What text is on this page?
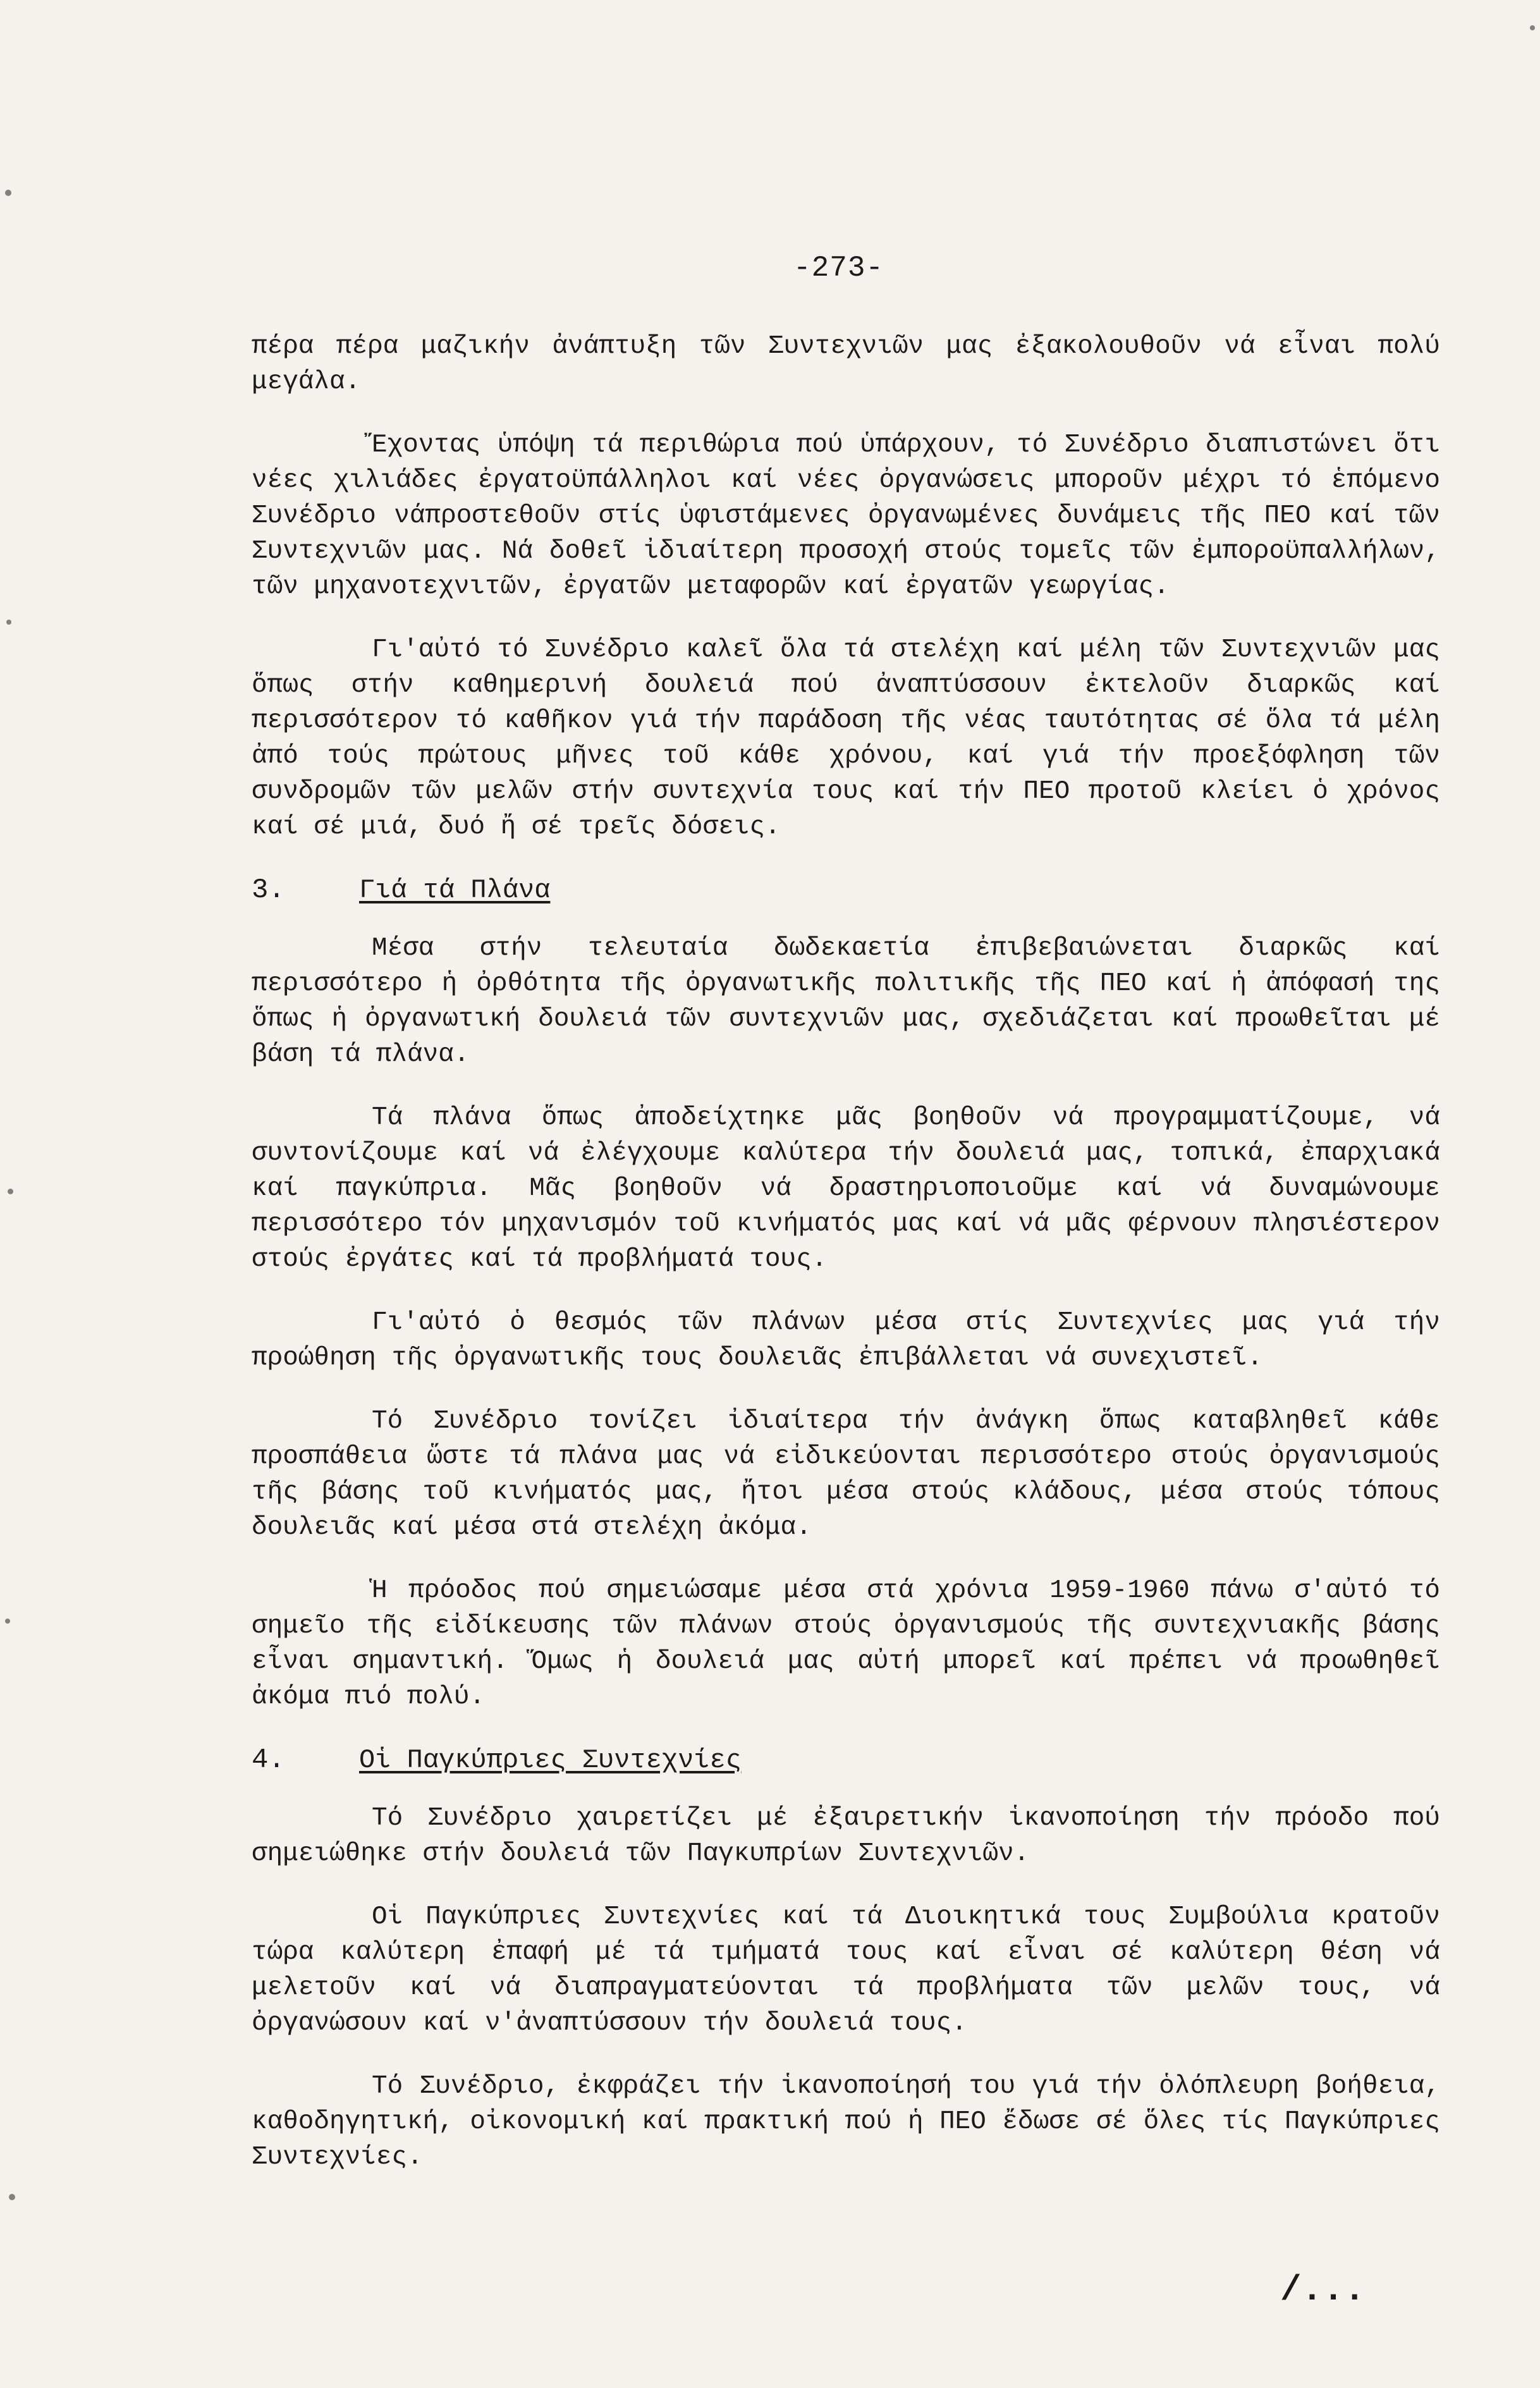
-273-

πέρα πέρα μαζικήν ἀνάπτυξη τῶν Συντεχνιῶν μας ἐξακολουθοῦν νά εἶναι πολύ μεγάλα.

Ἔχοντας ὑπόψη τά περιθώρια πού ὑπάρχουν, τό Συνέδριο διαπιστώνει ὅτι νέες χιλιάδες ἐργατοϋπάλληλοι καί νέες ὀργανώσεις μποροῦν μέχρι τό ἑπόμενο Συνέδριο νάπροστεθοῦν στίς ὑφιστάμενες ὀργανωμένες δυνάμεις τῆς ΠΕΟ καί τῶν Συντεχνιῶν μας. Νά δοθεῖ ἰδιαίτερη προσοχή στούς τομεῖς τῶν ἐμποροϋπαλλήλων, τῶν μηχανοτεχνιτῶν, ἐργατῶν μεταφορῶν καί ἐργατῶν γεωργίας.

Γι'αὐτό τό Συνέδριο καλεῖ ὅλα τά στελέχη καί μέλη τῶν Συντεχνιῶν μας ὅπως στήν καθημερινή δουλειά πού ἀναπτύσσουν ἐκτελοῦν διαρκῶς καί περισσότερον τό καθῆκον γιά τήν παράδοση τῆς νέας ταυτότητας σέ ὅλα τά μέλη ἀπό τούς πρώτους μῆνες τοῦ κάθε χρόνου, καί γιά τήν προεξόφληση τῶν συνδρομῶν τῶν μελῶν στήν συντεχνία τους καί τήν ΠΕΟ προτοῦ κλείει ὁ χρόνος καί σέ μιά, δυό ἤ σέ τρεῖς δόσεις.

3.	Γιά τά Πλάνα

Μέσα στήν τελευταία δωδεκαετία ἐπιβεβαιώνεται διαρκῶς καί περισσότερο ἡ ὀρθότητα τῆς ὀργανωτικῆς πολιτικῆς τῆς ΠΕΟ καί ἡ ἀπόφασή της ὅπως ἡ ὀργανωτική δουλειά τῶν συντεχνιῶν μας, σχεδιάζεται καί προωθεῖται μέ βάση τά πλάνα.

Τά πλάνα ὅπως ἀποδείχτηκε μᾶς βοηθοῦν νά προγραμματίζουμε, νά συντονίζουμε καί νά ἐλέγχουμε καλύτερα τήν δουλειά μας, τοπικά, ἐπαρχιακά καί παγκύπρια. Μᾶς βοηθοῦν νά δραστηριοποιοῦμε καί νά δυναμώνουμε περισσότερο τόν μηχανισμόν τοῦ κινήματός μας καί νά μᾶς φέρνουν πλησιέστερον στούς ἐργάτες καί τά προβλήματά τους.

Γι'αὐτό ὁ θεσμός τῶν πλάνων μέσα στίς Συντεχνίες μας γιά τήν προώθηση τῆς ὀργανωτικῆς τους δουλειᾶς ἐπιβάλλεται νά συνεχιστεῖ.

Τό Συνέδριο τονίζει ἰδιαίτερα τήν ἀνάγκη ὅπως καταβληθεῖ κάθε προσπάθεια ὥστε τά πλάνα μας νά εἰδικεύονται περισσότερο στούς ὀργανισμούς τῆς βάσης τοῦ κινήματός μας, ἤτοι μέσα στούς κλάδους, μέσα στούς τόπους δουλειᾶς καί μέσα στά στελέχη ἀκόμα.

Ἡ πρόοδος πού σημειώσαμε μέσα στά χρόνια 1959-1960 πάνω σ'αὐτό τό σημεῖο τῆς εἰδίκευσης τῶν πλάνων στούς ὀργανισμούς τῆς συντεχνιακῆς βάσης εἶναι σημαντική. Ὅμως ἡ δουλειά μας αὐτή μπορεῖ καί πρέπει νά προωθηθεῖ ἀκόμα πιό πολύ.

4.	Οἱ Παγκύπριες Συντεχνίες

Τό Συνέδριο χαιρετίζει μέ ἐξαιρετικήν ἱκανοποίηση τήν πρόοδο πού σημειώθηκε στήν δουλειά τῶν Παγκυπρίων Συντεχνιῶν.

Οἱ Παγκύπριες Συντεχνίες καί τά Διοικητικά τους Συμβούλια κρατοῦν τώρα καλύτερη ἐπαφή μέ τά τμήματά τους καί εἶναι σέ καλύτερη θέση νά μελετοῦν καί νά διαπραγματεύονται τά προβλήματα τῶν μελῶν τους, νά ὀργανώσουν καί ν'ἀναπτύσσουν τήν δουλειά τους.

Τό Συνέδριο, ἐκφράζει τήν ἱκανοποίησή του γιά τήν ὁλόπλευρη βοήθεια, καθοδηγητική, οἰκονομική καί πρακτική πού ἡ ΠΕΟ ἔδωσε σέ ὅλες τίς Παγκύπριες Συντεχνίες.

/...
